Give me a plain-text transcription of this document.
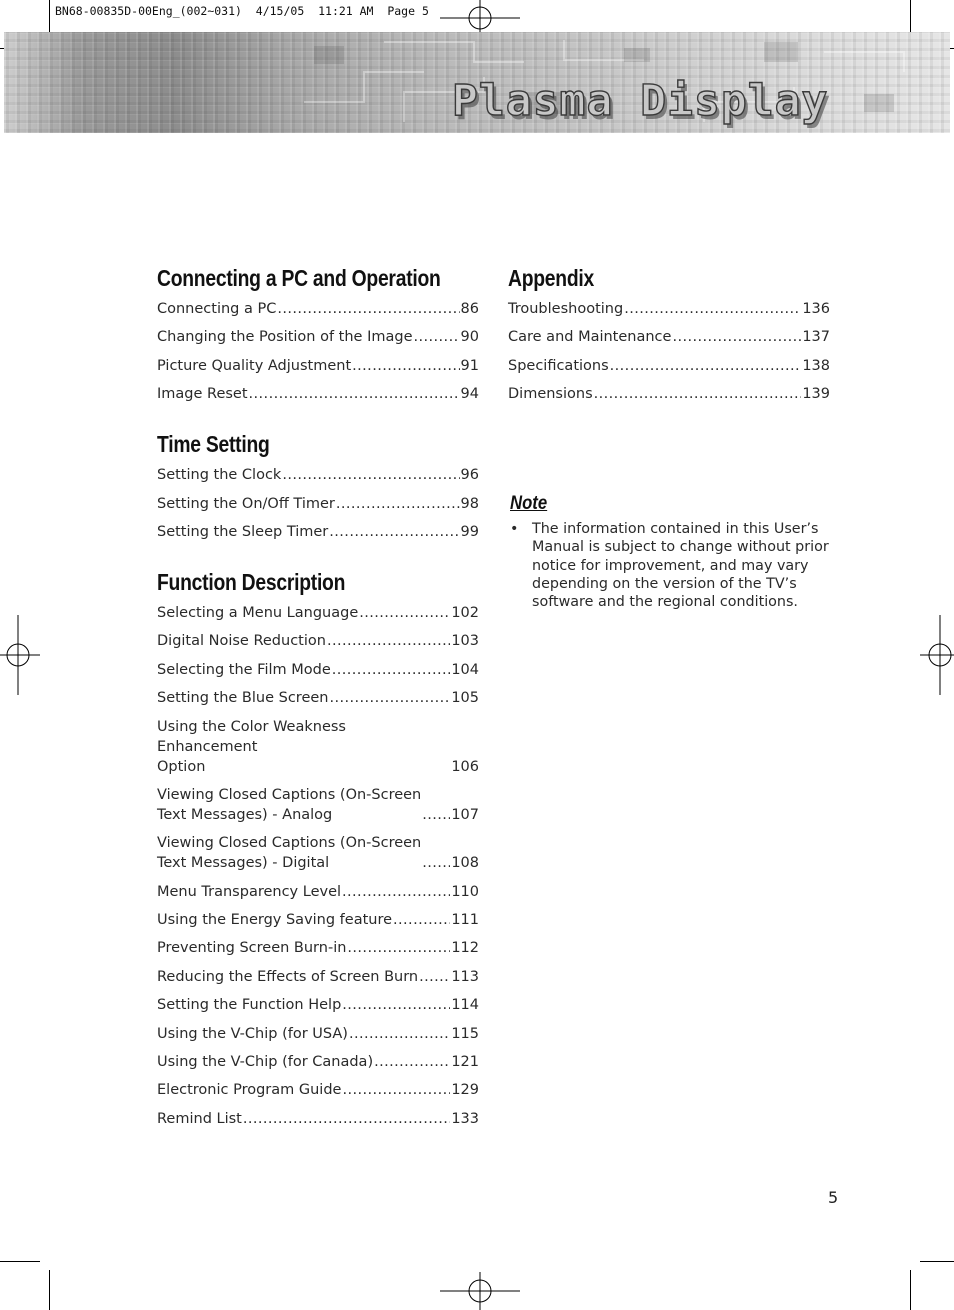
BN68-00835D-00Eng_(002~031)  4/15/05  11:21 AM  Page 5
Plasma Display
Connecting a PC and Operation
Connecting a PC .....	86
Changing the Position of the Image .....	90
Picture Quality Adjustment .....	91
Image Reset .....	94
Time Setting
Setting the Clock .....	96
Setting the On/Off Timer .....	98
Setting the Sleep Timer .....	99
Function Description
Selecting a Menu Language .....	102
Digital Noise Reduction .....	103
Selecting the Film Mode .....	104
Setting the Blue Screen .....	105
Using the Color Weakness Enhancement
Option	106
Viewing Closed Captions (On-Screen
Text Messages) - Analog .....	107
Viewing Closed Captions (On-Screen
Text Messages) - Digital .....	108
Menu Transparency Level .....	110
Using the Energy Saving feature .....	111
Preventing Screen Burn-in .....	112
Reducing the Effects of Screen Burn ..... 113
Setting the Function Help .....	114
Using the V-Chip (for USA) .....	115
Using the V-Chip (for Canada) .....	121
Electronic Program Guide .....	129
Remind List .....	133
Appendix
Troubleshooting .....	136
Care and Maintenance .....	137
Specifications .....	138
Dimensions .....	139
Note
• The information contained in this User’s Manual is subject to change without prior notice for improvement, and may vary depending on the version of the TV’s software and the regional conditions.
5
